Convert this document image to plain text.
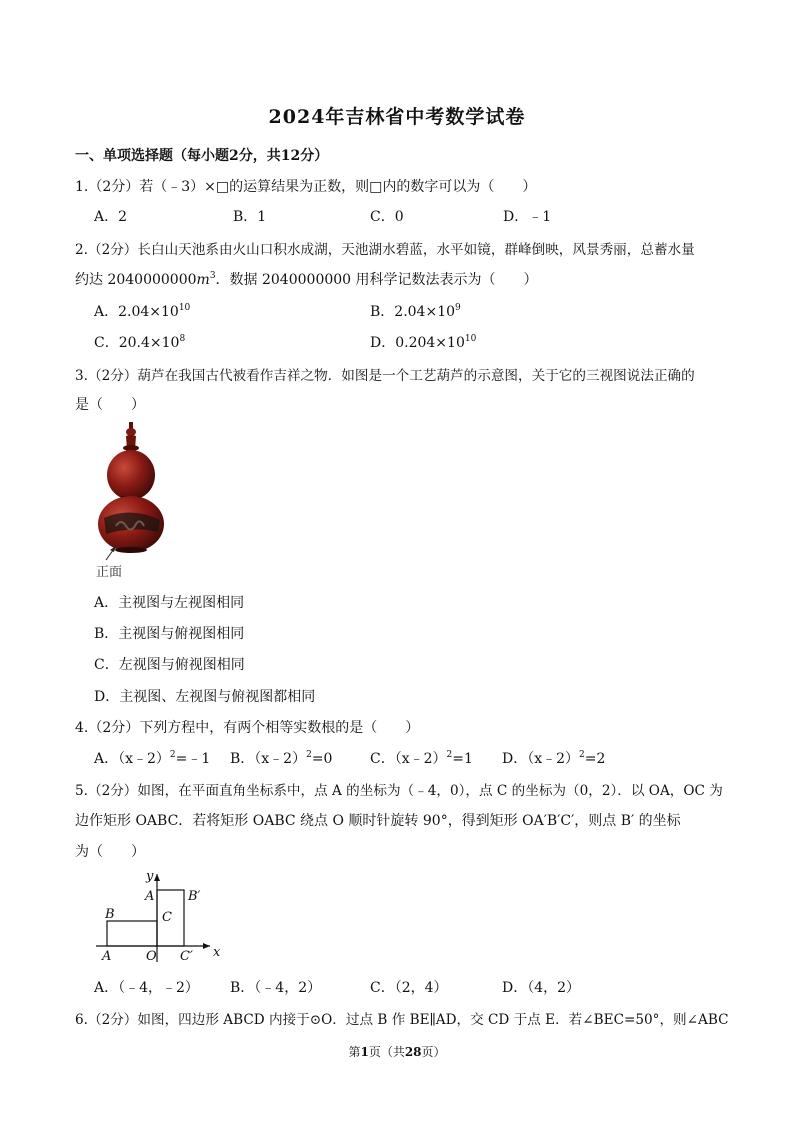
2024年吉林省中考数学试卷
一、单项选择题（每小题2分，共12分）
1.（2分）若（﹣3）×□的运算结果为正数，则□内的数字可以为（　　）
A．2	B．1	C．0	D．﹣1
2.（2分）长白山天池系由火山口积水成湖，天池湖水碧蓝，水平如镜，群峰倒映，风景秀丽，总蓄水量
约达 $2040000000m^3$．数据 2040000000 用科学记数法表示为（　　）
A．$2.04\times 10^{10}$	B．$2.04\times 10^9$
C．$20.4\times 10^8$	D．$0.204\times 10^{10}$
3.（2分）葫芦在我国古代被看作吉祥之物．如图是一个工艺葫芦的示意图，关于它的三视图说法正确的
是（　　）
正面
A．主视图与左视图相同
B．主视图与俯视图相同
C．左视图与俯视图相同
D．主视图、左视图与俯视图都相同
4.（2分）下列方程中，有两个相等实数根的是（　　）
A．（x﹣2）$^2$=﹣1 B．（x﹣2）$^2$=0	C．（x﹣2）$^2$=1 D．（x﹣2）$^2$=2
5.（2分）如图，在平面直角坐标系中，点 A 的坐标为（﹣4，0），点 C 的坐标为（0，2）．以 OA，OC 为
边作矩形 OABC．若将矩形 OABC 绕点 O 顺时针旋转 90°，得到矩形 OA′B′C′，则点 B′ 的坐标
为（　　）
y
x
A	B′
B	C
A	O C′
A．（﹣4，﹣2） B．（﹣4，2）	C．（2，4）	D．（4，2）
6.（2分）如图，四边形 ABCD 内接于⊙O．过点 B 作 BE∥AD，交 CD 于点 E．若∠BEC=50°，则∠ABC
第1页（共28页）
